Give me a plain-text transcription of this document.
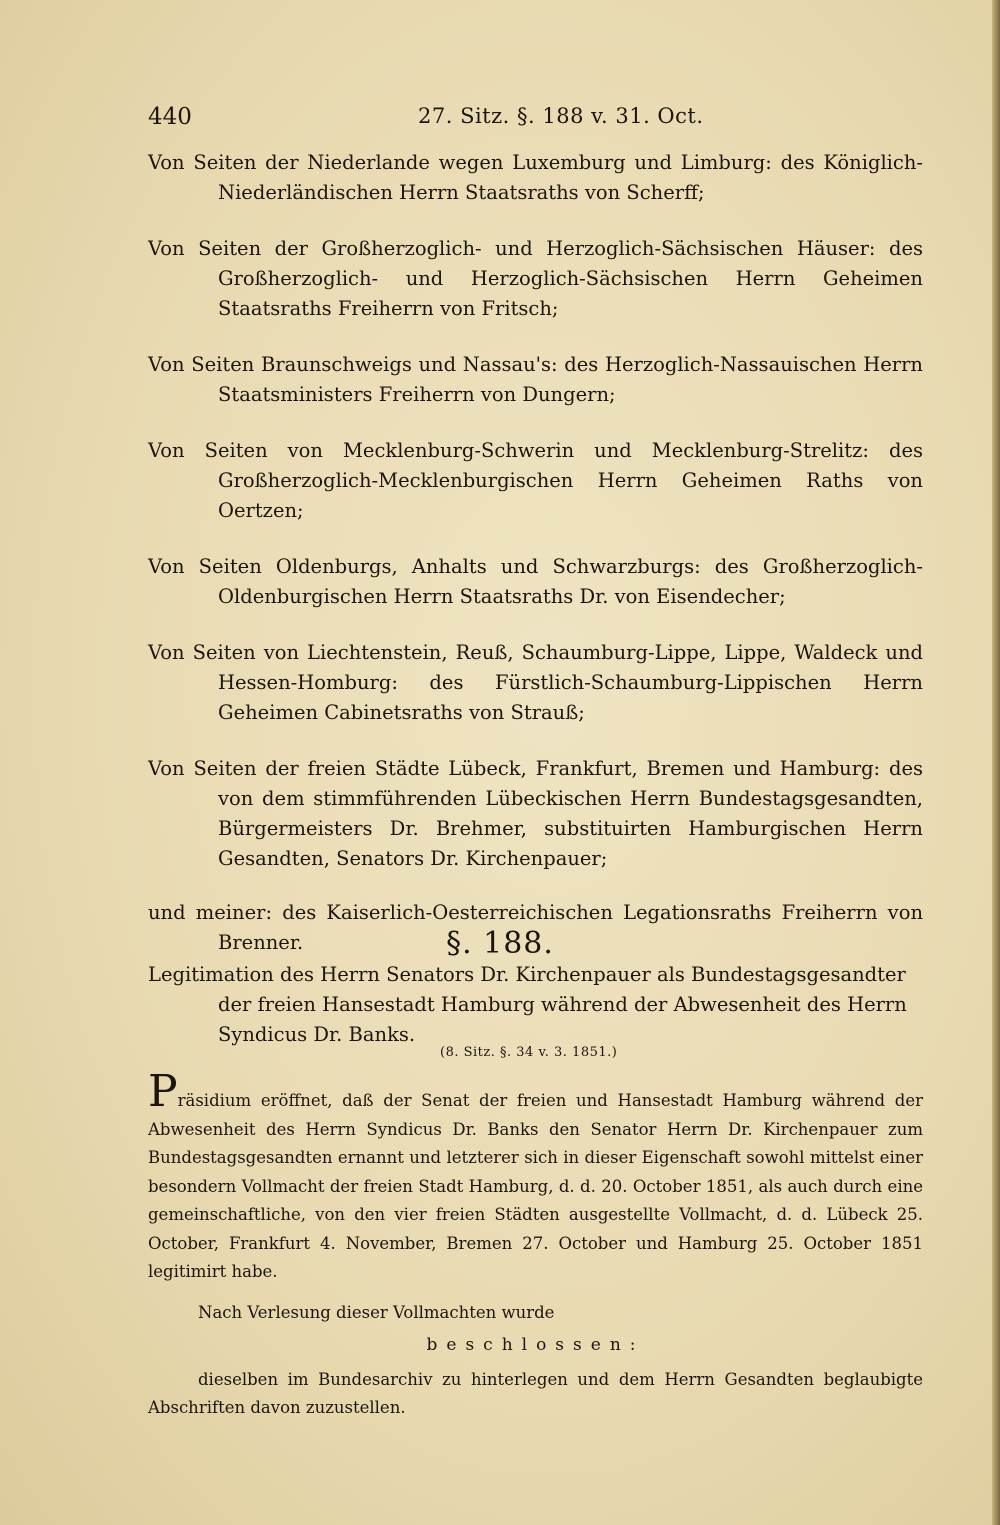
440	27. Sitz. §. 188 v. 31. Oct.

Von Seiten der Niederlande wegen Luxemburg und Limburg: des Königlich-Niederländischen Herrn Staatsraths von Scherff;

Von Seiten der Großherzoglich- und Herzoglich-Sächsischen Häuser: des Großherzoglich- und Herzoglich-Sächsischen Herrn Geheimen Staatsraths Freiherrn von Fritsch;

Von Seiten Braunschweigs und Nassau's: des Herzoglich-Nassauischen Herrn Staatsministers Freiherrn von Dungern;

Von Seiten von Mecklenburg-Schwerin und Mecklenburg-Strelitz: des Großherzoglich-Mecklenburgischen Herrn Geheimen Raths von Oertzen;

Von Seiten Oldenburgs, Anhalts und Schwarzburgs: des Großherzoglich-Oldenburgischen Herrn Staatsraths Dr. von Eisendecher;

Von Seiten von Liechtenstein, Reuß, Schaumburg-Lippe, Lippe, Waldeck und Hessen-Homburg: des Fürstlich-Schaumburg-Lippischen Herrn Geheimen Cabinetsraths von Strauß;

Von Seiten der freien Städte Lübeck, Frankfurt, Bremen und Hamburg: des von dem stimmführenden Lübeckischen Herrn Bundestagsgesandten, Bürgermeisters Dr. Brehmer, substituirten Hamburgischen Herrn Gesandten, Senators Dr. Kirchenpauer;

und meiner: des Kaiserlich-Oesterreichischen Legationsraths Freiherrn von Brenner.	§. 188.
Legitimation des Herrn Senators Dr. Kirchenpauer als Bundestagsgesandter der freien Hansestadt Hamburg während der Abwesenheit des Herrn Syndicus Dr. Banks.
(8. Sitz. §. 34 v. 3. 1851.)

Präsidium eröffnet, daß der Senat der freien und Hansestadt Hamburg während der Abwesenheit des Herrn Syndicus Dr. Banks den Senator Herrn Dr. Kirchenpauer zum Bundestagsgesandten ernannt und letzterer sich in dieser Eigenschaft sowohl mittelst einer besondern Vollmacht der freien Stadt Hamburg, d. d. 20. October 1851, als auch durch eine gemeinschaftliche, von den vier freien Städten ausgestellte Vollmacht, d. d. Lübeck 25. October, Frankfurt 4. November, Bremen 27. October und Hamburg 25. October 1851 legitimirt habe.

Nach Verlesung dieser Vollmachten wurde

beschlossen:

dieselben im Bundesarchiv zu hinterlegen und dem Herrn Gesandten beglaubigte Abschriften davon zuzustellen.
